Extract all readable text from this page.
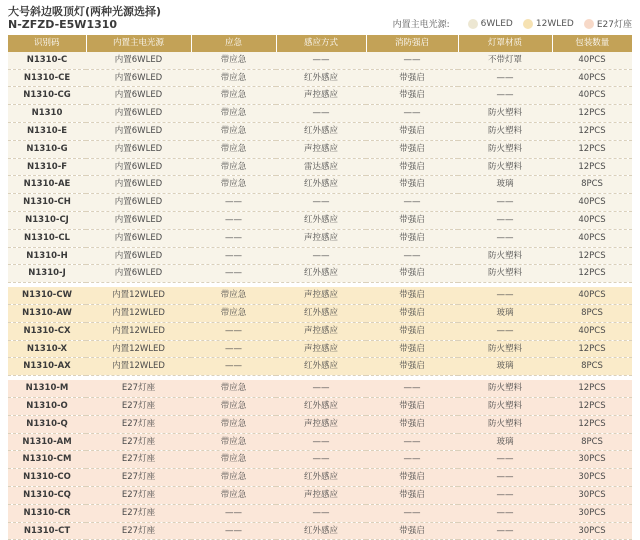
大号斜边吸顶灯(两种光源选择)
N-ZFZD-E5W1310	内置主电光源:	6WLED	12WLED	E27灯座
识别码	内置主电光源	应急	感应方式	消防强启	灯罩材质	包装数量
N1310-C	内置6WLED	带应急	——	——	不带灯罩	40PCS
N1310-CE	内置6WLED	带应急	红外感应	带强启	——	40PCS
N1310-CG	内置6WLED	带应急	声控感应	带强启	——	40PCS
N1310	内置6WLED	带应急	——	——	防火塑料	12PCS
N1310-E	内置6WLED	带应急	红外感应	带强启	防火塑料	12PCS
N1310-G	内置6WLED	带应急	声控感应	带强启	防火塑料	12PCS
N1310-F	内置6WLED	带应急	雷达感应	带强启	防火塑料	12PCS
N1310-AE	内置6WLED	带应急	红外感应	带强启	玻璃	8PCS
N1310-CH	内置6WLED	——	——	——	——	40PCS
N1310-CJ	内置6WLED	——	红外感应	带强启	——	40PCS
N1310-CL	内置6WLED	——	声控感应	带强启	——	40PCS
N1310-H	内置6WLED	——	——	——	防火塑料	12PCS
N1310-J	内置6WLED	——	红外感应	带强启	防火塑料	12PCS

N1310-CW	内置12WLED	带应急	声控感应	带强启	——	40PCS
N1310-AW	内置12WLED	带应急	红外感应	带强启	玻璃	8PCS
N1310-CX	内置12WLED	——	声控感应	带强启	——	40PCS
N1310-X	内置12WLED	——	声控感应	带强启	防火塑料	12PCS
N1310-AX	内置12WLED	——	红外感应	带强启	玻璃	8PCS

N1310-M	E27灯座	带应急	——	——	防火塑料	12PCS
N1310-O	E27灯座	带应急	红外感应	带强启	防火塑料	12PCS
N1310-Q	E27灯座	带应急	声控感应	带强启	防火塑料	12PCS
N1310-AM	E27灯座	带应急	——	——	玻璃	8PCS
N1310-CM	E27灯座	带应急	——	——	——	30PCS
N1310-CO	E27灯座	带应急	红外感应	带强启	——	30PCS
N1310-CQ	E27灯座	带应急	声控感应	带强启	——	30PCS
N1310-CR	E27灯座	——	——	——	——	30PCS
N1310-CT	E27灯座	——	红外感应	带强启	——	30PCS
